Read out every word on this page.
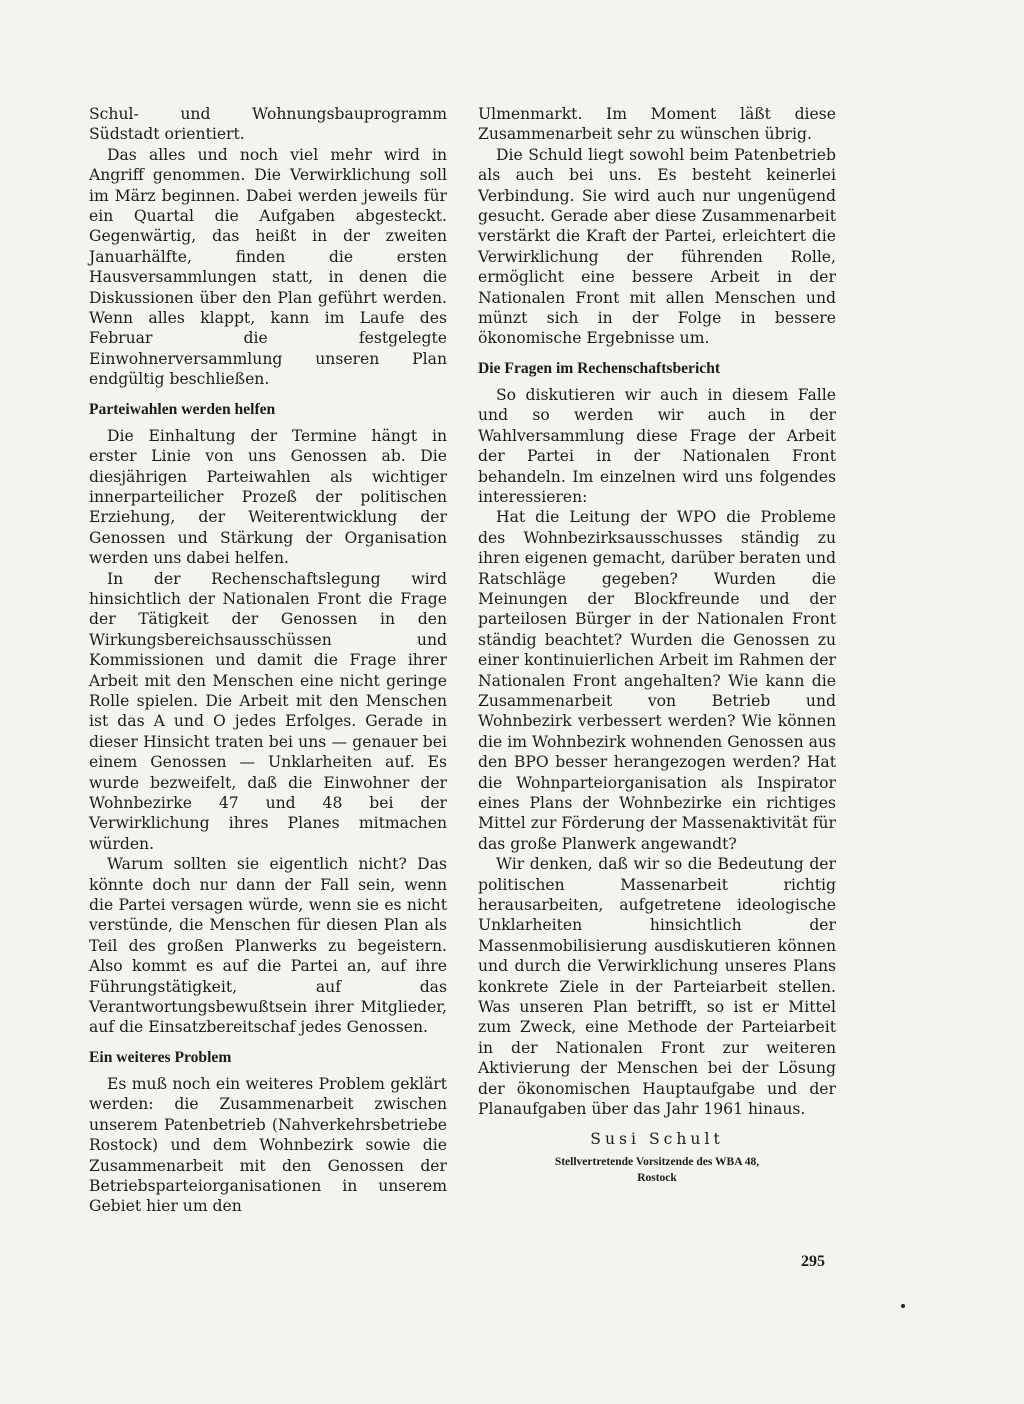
Schul- und Wohnungsbauprogramm Südstadt orientiert.

Das alles und noch viel mehr wird in Angriff genommen. Die Verwirklichung soll im März beginnen. Dabei werden jeweils für ein Quartal die Aufgaben abgesteckt. Gegenwärtig, das heißt in der zweiten Januarhälfte, finden die ersten Hausversammlungen statt, in denen die Diskussionen über den Plan geführt werden. Wenn alles klappt, kann im Laufe des Februar die festgelegte Einwohnerversammlung unseren Plan endgültig beschließen.

Parteiwahlen werden helfen

Die Einhaltung der Termine hängt in erster Linie von uns Genossen ab. Die diesjährigen Parteiwahlen als wichtiger innerparteilicher Prozeß der politischen Erziehung, der Weiterentwicklung der Genossen und Stärkung der Organisation werden uns dabei helfen.

In der Rechenschaftslegung wird hinsichtlich der Nationalen Front die Frage der Tätigkeit der Genossen in den Wirkungsbereichsausschüssen und Kommissionen und damit die Frage ihrer Arbeit mit den Menschen eine nicht geringe Rolle spielen. Die Arbeit mit den Menschen ist das A und O jedes Erfolges. Gerade in dieser Hinsicht traten bei uns — genauer bei einem Genossen — Unklarheiten auf. Es wurde bezweifelt, daß die Einwohner der Wohnbezirke 47 und 48 bei der Verwirklichung ihres Planes mitmachen würden.

Warum sollten sie eigentlich nicht? Das könnte doch nur dann der Fall sein, wenn die Partei versagen würde, wenn sie es nicht verstünde, die Menschen für diesen Plan als Teil des großen Planwerks zu begeistern. Also kommt es auf die Partei an, auf ihre Führungstätigkeit, auf das Verantwortungsbewußtsein ihrer Mitglieder, auf die Einsatzbereitschaf jedes Genossen.

Ein weiteres Problem

Es muß noch ein weiteres Problem geklärt werden: die Zusammenarbeit zwischen unserem Patenbetrieb (Nahverkehrsbetriebe Rostock) und dem Wohnbezirk sowie die Zusammenarbeit mit den Genossen der Betriebsparteiorganisationen in unserem Gebiet hier um den

Ulmenmarkt. Im Moment läßt diese Zusammenarbeit sehr zu wünschen übrig.

Die Schuld liegt sowohl beim Patenbetrieb als auch bei uns. Es besteht keinerlei Verbindung. Sie wird auch nur ungenügend gesucht. Gerade aber diese Zusammenarbeit verstärkt die Kraft der Partei, erleichtert die Verwirklichung der führenden Rolle, ermöglicht eine bessere Arbeit in der Nationalen Front mit allen Menschen und münzt sich in der Folge in bessere ökonomische Ergebnisse um.

Die Fragen im Rechenschaftsbericht

So diskutieren wir auch in diesem Falle und so werden wir auch in der Wahlversammlung diese Frage der Arbeit der Partei in der Nationalen Front behandeln. Im einzelnen wird uns folgendes interessieren:

Hat die Leitung der WPO die Probleme des Wohnbezirksausschusses ständig zu ihren eigenen gemacht, darüber beraten und Ratschläge gegeben? Wurden die Meinungen der Blockfreunde und der parteilosen Bürger in der Nationalen Front ständig beachtet? Wurden die Genossen zu einer kontinuierlichen Arbeit im Rahmen der Nationalen Front angehalten? Wie kann die Zusammenarbeit von Betrieb und Wohnbezirk verbessert werden? Wie können die im Wohnbezirk wohnenden Genossen aus den BPO besser herangezogen werden? Hat die Wohnparteiorganisation als Inspirator eines Plans der Wohnbezirke ein richtiges Mittel zur Förderung der Massenaktivität für das große Planwerk angewandt?

Wir denken, daß wir so die Bedeutung der politischen Massenarbeit richtig herausarbeiten, aufgetretene ideologische Unklarheiten hinsichtlich der Massenmobilisierung ausdiskutieren können und durch die Verwirklichung unseres Plans konkrete Ziele in der Parteiarbeit stellen. Was unseren Plan betrifft, so ist er Mittel zum Zweck, eine Methode der Parteiarbeit in der Nationalen Front zur weiteren Aktivierung der Menschen bei der Lösung der ökonomischen Hauptaufgabe und der Planaufgaben über das Jahr 1961 hinaus.

Susi Schult
Stellvertretende Vorsitzende des WBA 48,
Rostock
295
